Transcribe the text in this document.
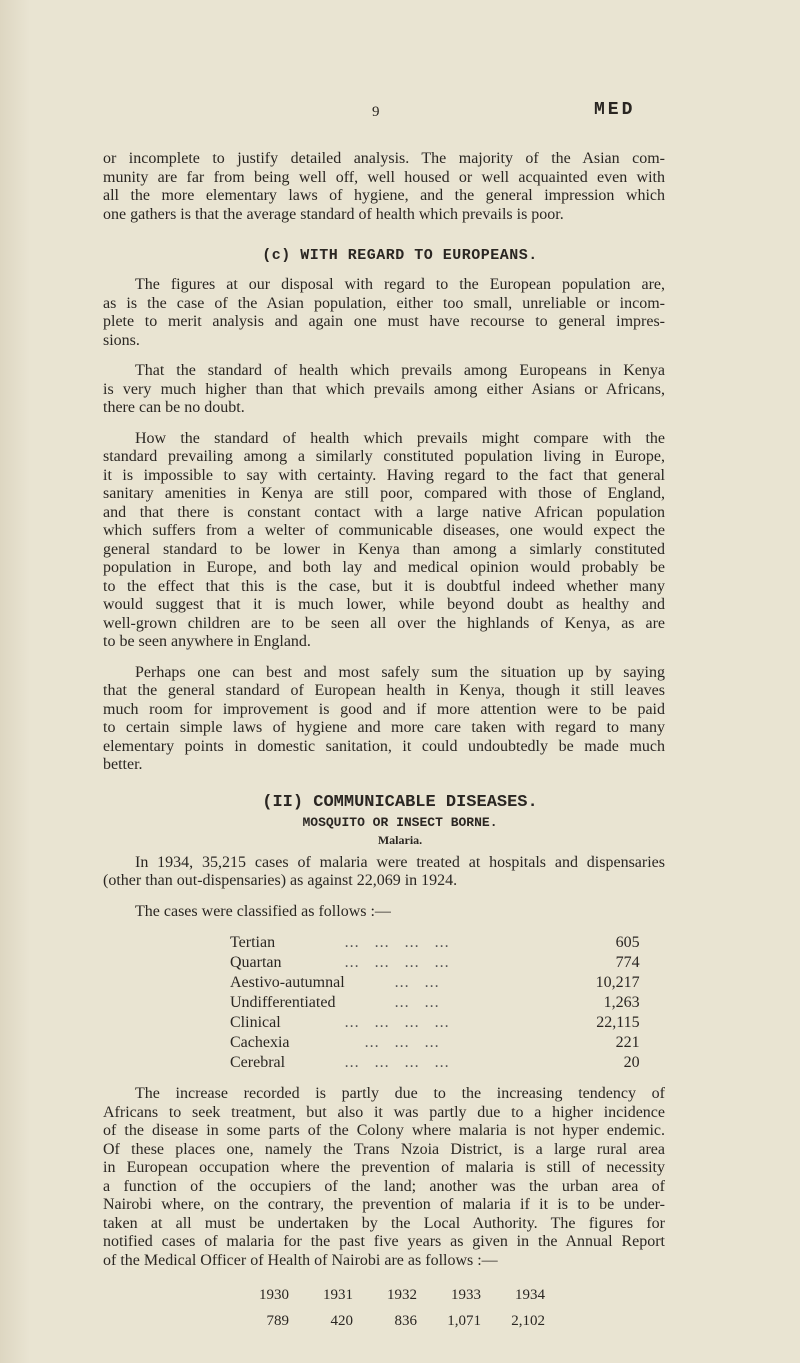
9	MED
or incomplete to justify detailed analysis. The majority of the Asian com-
munity are far from being well off, well housed or well acquainted even with
all the more elementary laws of hygiene, and the general impression which
one gathers is that the average standard of health which prevails is poor.
(c) WITH REGARD TO EUROPEANS.
The figures at our disposal with regard to the European population are,
as is the case of the Asian population, either too small, unreliable or incom-
plete to merit analysis and again one must have recourse to general impres-
sions.
That the standard of health which prevails among Europeans in Kenya
is very much higher than that which prevails among either Asians or Africans,
there can be no doubt.
How the standard of health which prevails might compare with the
standard prevailing among a similarly constituted population living in Europe,
it is impossible to say with certainty. Having regard to the fact that general
sanitary amenities in Kenya are still poor, compared with those of England,
and that there is constant contact with a large native African population
which suffers from a welter of communicable diseases, one would expect the
general standard to be lower in Kenya than among a simlarly constituted
population in Europe, and both lay and medical opinion would probably be
to the effect that this is the case, but it is doubtful indeed whether many
would suggest that it is much lower, while beyond doubt as healthy and
well-grown children are to be seen all over the highlands of Kenya, as are
to be seen anywhere in England.
Perhaps one can best and most safely sum the situation up by saying
that the general standard of European health in Kenya, though it still leaves
much room for improvement is good and if more attention were to be paid
to certain simple laws of hygiene and more care taken with regard to many
elementary points in domestic sanitation, it could undoubtedly be made much
better.
(II) COMMUNICABLE DISEASES.
MOSQUITO OR INSECT BORNE.
Malaria.
In 1934, 35,215 cases of malaria were treated at hospitals and dispensaries
(other than out-dispensaries) as against 22,069 in 1924.
The cases were classified as follows :—
Tertian	...   ...   ...   ...	605
Quartan	...   ...   ...   ...	774
Aestivo-autumnal	...   ...	10,217
Undifferentiated	...   ...	1,263
Clinical	...   ...   ...   ...	22,115
Cachexia	...   ...   ...	221
Cerebral	...   ...   ...   ...	20
The increase recorded is partly due to the increasing tendency of
Africans to seek treatment, but also it was partly due to a higher incidence
of the disease in some parts of the Colony where malaria is not hyper endemic.
Of these places one, namely the Trans Nzoia District, is a large rural area
in European occupation where the prevention of malaria is still of necessity
a function of the occupiers of the land; another was the urban area of
Nairobi where, on the contrary, the prevention of malaria if it is to be under-
taken at all must be undertaken by the Local Authority. The figures for
notified cases of malaria for the past five years as given in the Annual Report
of the Medical Officer of Health of Nairobi are as follows :—
1930	1931	1932	1933	1934
789	420	836	1,071	2,102
